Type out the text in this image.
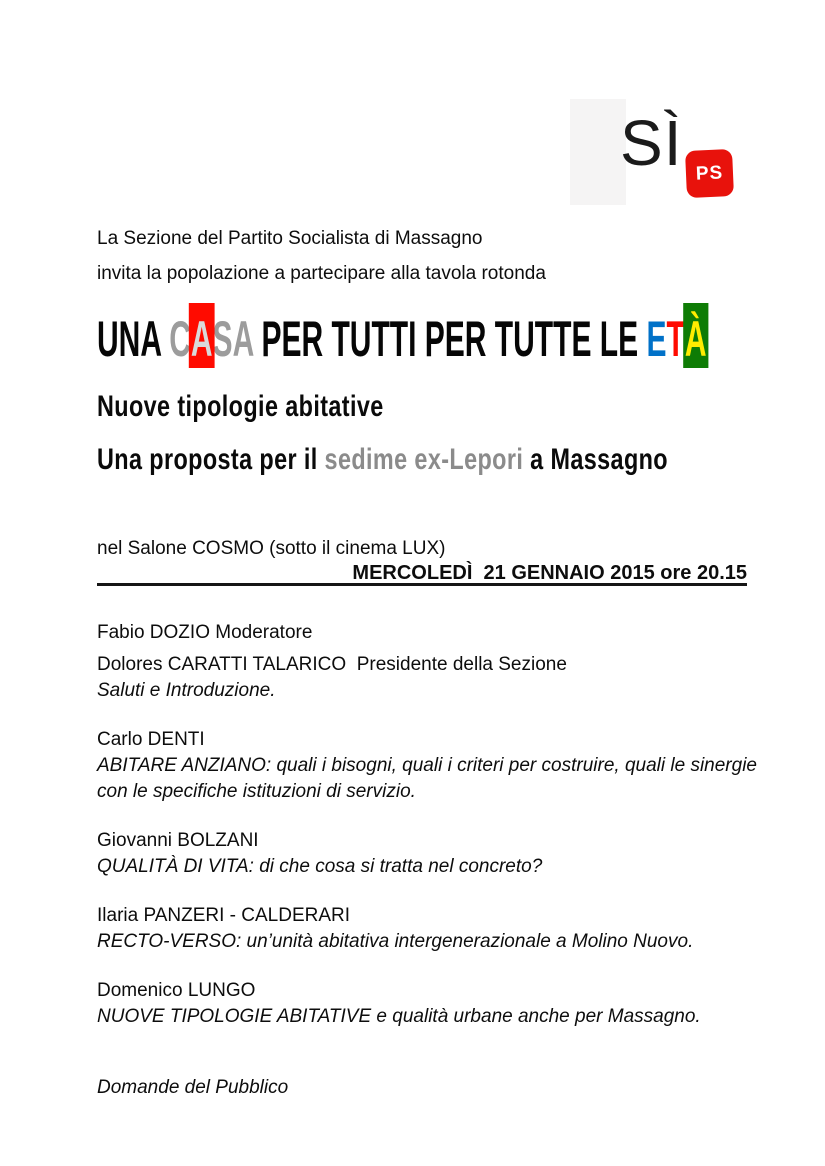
SÌ PS

La Sezione del Partito Socialista di Massagno

invita la popolazione a partecipare alla tavola rotonda

UNA CASA PER TUTTI PER TUTTE LE ETÀ
Nuove tipologie abitative
Una proposta per il sedime ex-Lepori a Massagno

nel Salone COSMO (sotto il cinema LUX)

MERCOLEDÌ  21 GENNAIO 2015 ore 20.15

Fabio DOZIO Moderatore

Dolores CARATTI TALARICO  Presidente della Sezione

Saluti e Introduzione.

Carlo DENTI

ABITARE ANZIANO: quali i bisogni, quali i criteri per costruire, quali le sinergie con le specifiche istituzioni di servizio.

Giovanni BOLZANI

QUALITÀ DI VITA: di che cosa si tratta nel concreto?

Ilaria PANZERI - CALDERARI

RECTO-VERSO: un’unità abitativa intergenerazionale a Molino Nuovo.

Domenico LUNGO

NUOVE TIPOLOGIE ABITATIVE e qualità urbane anche per Massagno.

Domande del Pubblico
